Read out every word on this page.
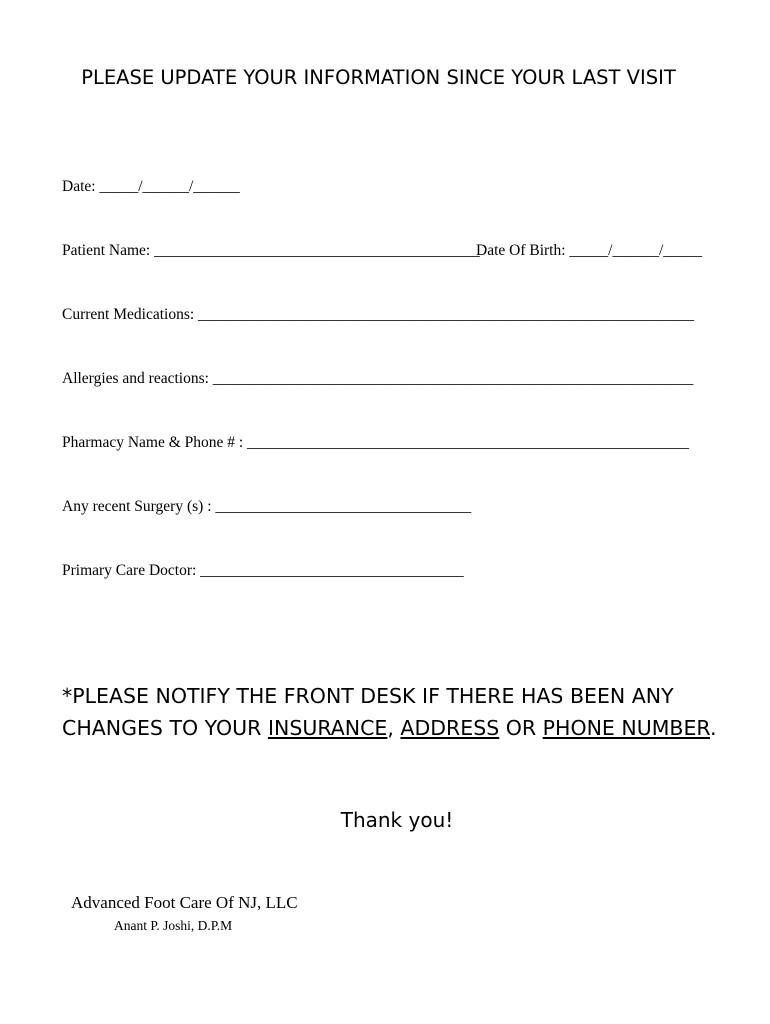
PLEASE UPDATE YOUR INFORMATION SINCE YOUR LAST VISIT
Date: _____/______/______
Patient Name: __________________________________________
Date Of Birth: _____/______/_____
Current Medications: ________________________________________________________________
Allergies and reactions: ______________________________________________________________
Pharmacy Name & Phone # : _________________________________________________________
Any recent Surgery (s) : _________________________________
Primary Care Doctor: __________________________________
*PLEASE NOTIFY THE FRONT DESK IF THERE HAS BEEN ANY
CHANGES TO YOUR INSURANCE, ADDRESS OR PHONE NUMBER.
Thank you!
Advanced Foot Care Of NJ, LLC
Anant P. Joshi, D.P.M
